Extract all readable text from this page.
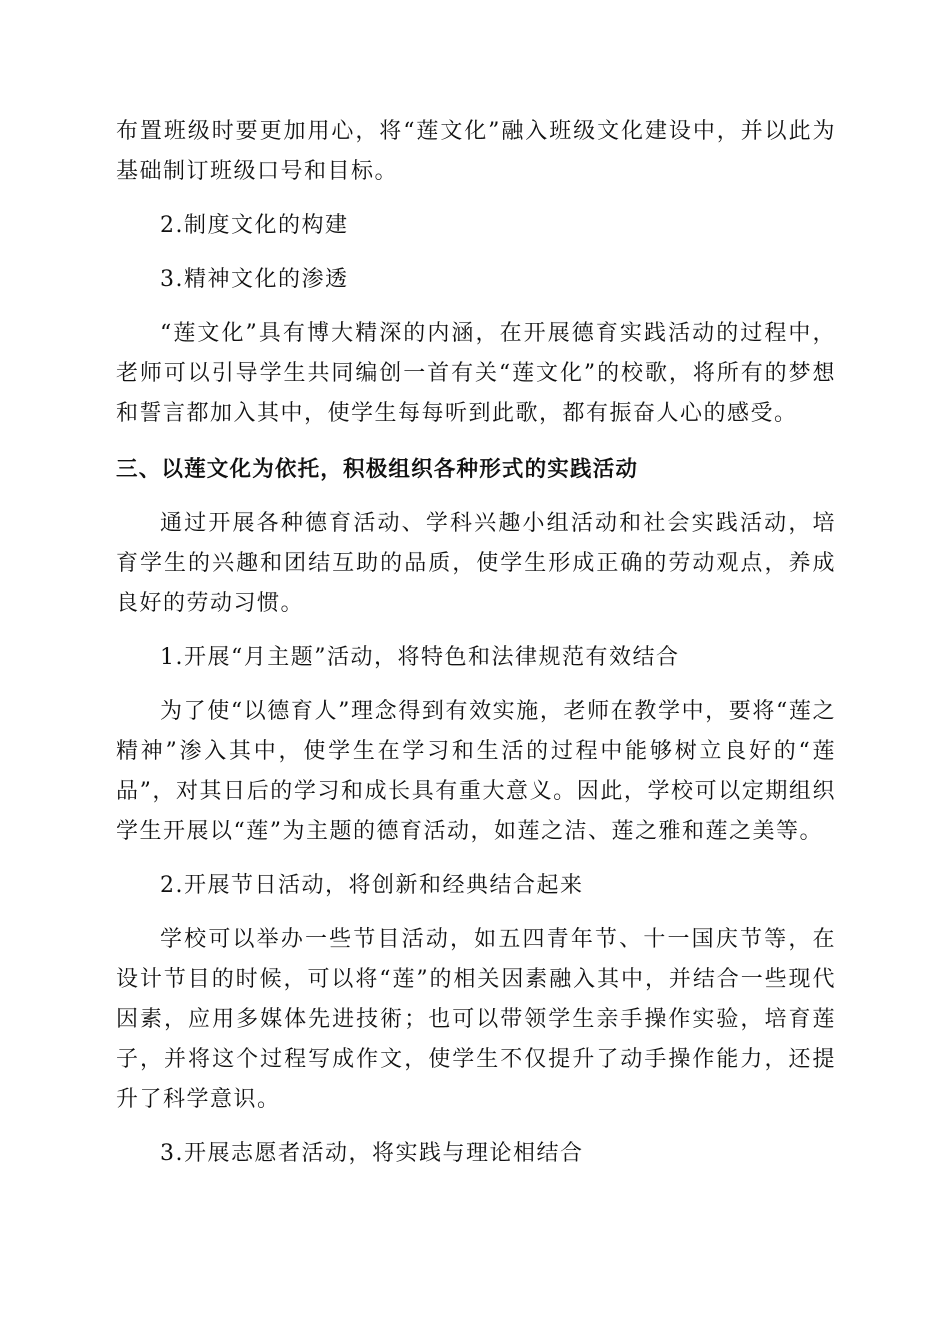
布置班级时要更加用心，将“莲文化”融入班级文化建设中，并以此为基础制订班级口号和目标。

2.制度文化的构建

3.精神文化的渗透

“莲文化”具有博大精深的内涵，在开展德育实践活动的过程中，老师可以引导学生共同编创一首有关“莲文化”的校歌，将所有的梦想和誓言都加入其中，使学生每每听到此歌，都有振奋人心的感受。

三、以莲文化为依托，积极组织各种形式的实践活动

通过开展各种德育活动、学科兴趣小组活动和社会实践活动，培育学生的兴趣和团结互助的品质，使学生形成正确的劳动观点，养成良好的劳动习惯。

1.开展“月主题”活动，将特色和法律规范有效结合

为了使“以德育人”理念得到有效实施，老师在教学中，要将“莲之精神”渗入其中，使学生在学习和生活的过程中能够树立良好的“莲品”，对其日后的学习和成长具有重大意义。因此，学校可以定期组织学生开展以“莲”为主题的德育活动，如莲之洁、莲之雅和莲之美等。

2.开展节日活动，将创新和经典结合起来

学校可以举办一些节目活动，如五四青年节、十一国庆节等，在设计节目的时候，可以将“莲”的相关因素融入其中，并结合一些现代因素，应用多媒体先进技術；也可以带领学生亲手操作实验，培育莲子，并将这个过程写成作文，使学生不仅提升了动手操作能力，还提升了科学意识。

3.开展志愿者活动，将实践与理论相结合
